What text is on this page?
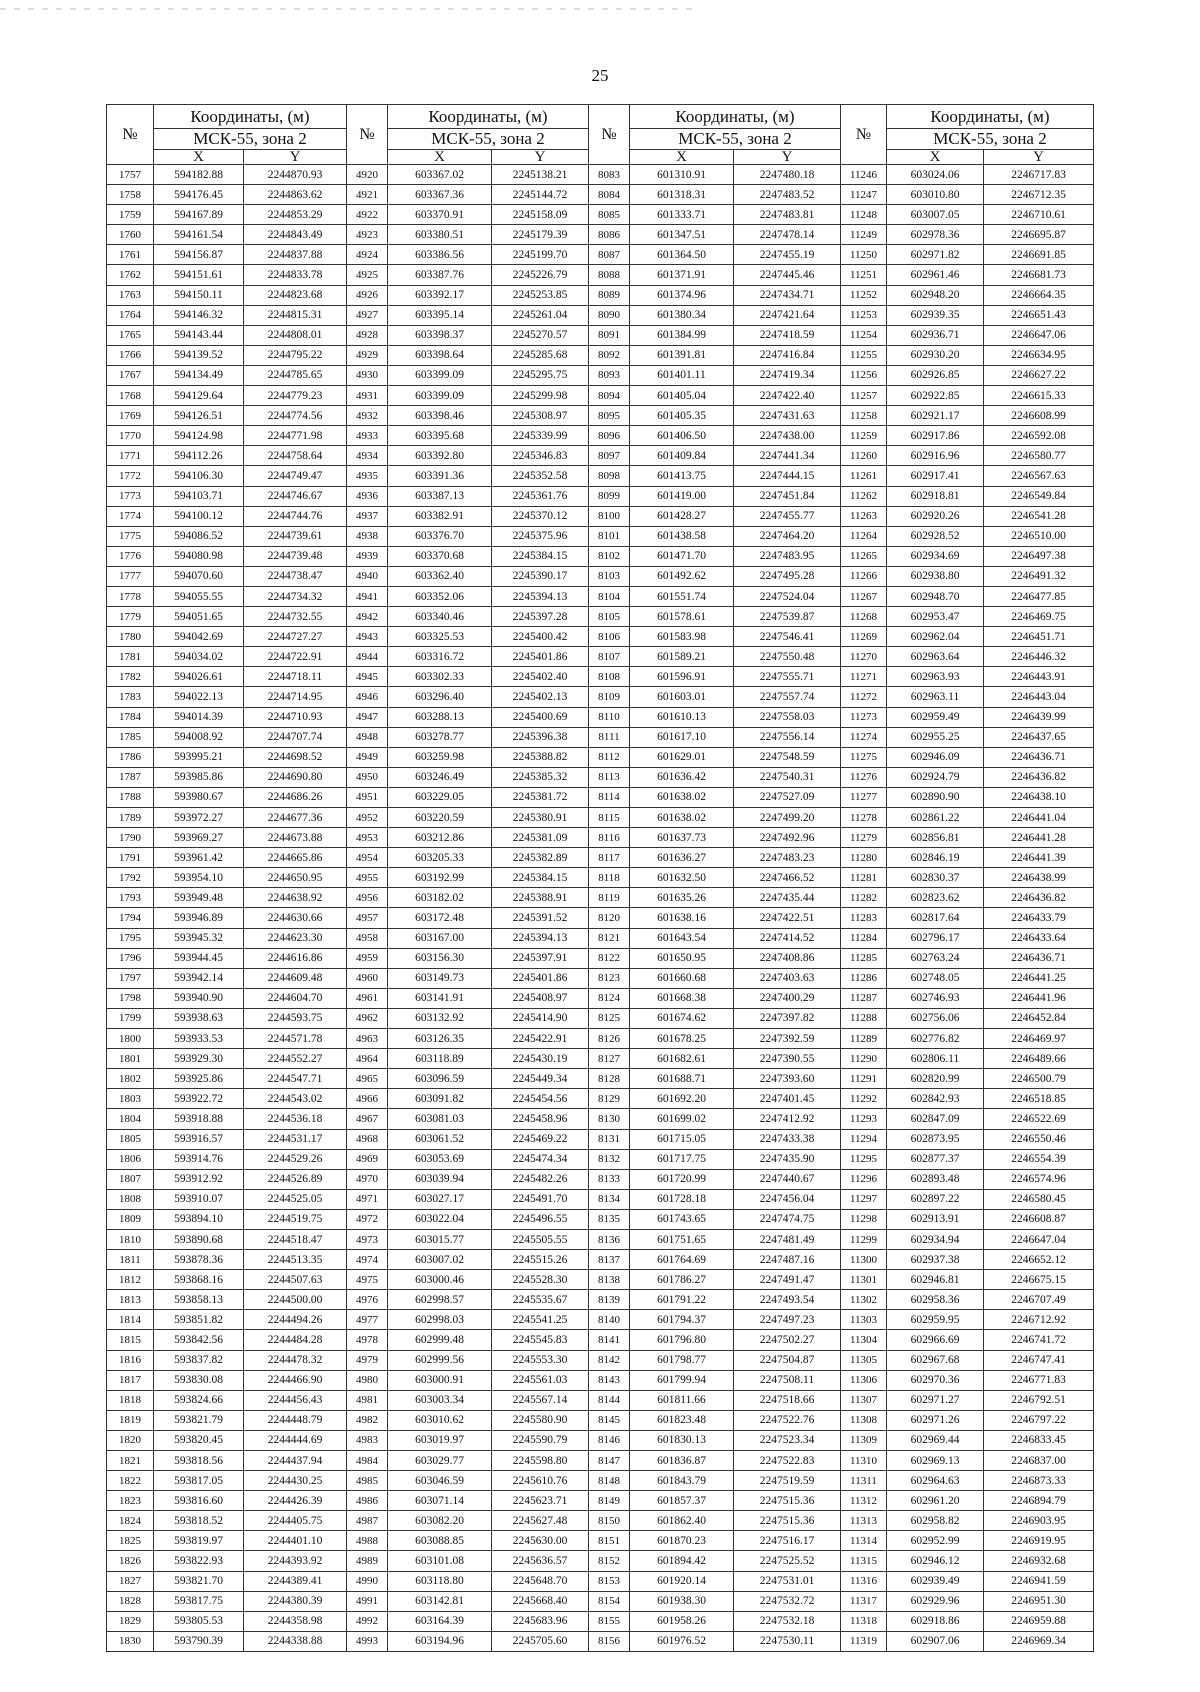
25
№	Координаты, (м)		№	Координаты, (м)		№	Координаты, (м)		№	Координаты, (м)	
	МСК-55, зона 2			МСК-55, зона 2			МСК-55, зона 2			МСК-55, зона 2	
	X	Y		X	Y		X	Y		X	Y
1757	594182.88	2244870.93	4920	603367.02	2245138.21	8083	601310.91	2247480.18	11246	603024.06	2246717.83
1758	594176.45	2244863.62	4921	603367.36	2245144.72	8084	601318.31	2247483.52	11247	603010.80	2246712.35
1759	594167.89	2244853.29	4922	603370.91	2245158.09	8085	601333.71	2247483.81	11248	603007.05	2246710.61
1760	594161.54	2244843.49	4923	603380.51	2245179.39	8086	601347.51	2247478.14	11249	602978.36	2246695.87
1761	594156.87	2244837.88	4924	603386.56	2245199.70	8087	601364.50	2247455.19	11250	602971.82	2246691.85
1762	594151.61	2244833.78	4925	603387.76	2245226.79	8088	601371.91	2247445.46	11251	602961.46	2246681.73
1763	594150.11	2244823.68	4926	603392.17	2245253.85	8089	601374.96	2247434.71	11252	602948.20	2246664.35
1764	594146.32	2244815.31	4927	603395.14	2245261.04	8090	601380.34	2247421.64	11253	602939.35	2246651.43
1765	594143.44	2244808.01	4928	603398.37	2245270.57	8091	601384.99	2247418.59	11254	602936.71	2246647.06
1766	594139.52	2244795.22	4929	603398.64	2245285.68	8092	601391.81	2247416.84	11255	602930.20	2246634.95
1767	594134.49	2244785.65	4930	603399.09	2245295.75	8093	601401.11	2247419.34	11256	602926.85	2246627.22
1768	594129.64	2244779.23	4931	603399.09	2245299.98	8094	601405.04	2247422.40	11257	602922.85	2246615.33
1769	594126.51	2244774.56	4932	603398.46	2245308.97	8095	601405.35	2247431.63	11258	602921.17	2246608.99
1770	594124.98	2244771.98	4933	603395.68	2245339.99	8096	601406.50	2247438.00	11259	602917.86	2246592.08
1771	594112.26	2244758.64	4934	603392.80	2245346.83	8097	601409.84	2247441.34	11260	602916.96	2246580.77
1772	594106.30	2244749.47	4935	603391.36	2245352.58	8098	601413.75	2247444.15	11261	602917.41	2246567.63
1773	594103.71	2244746.67	4936	603387.13	2245361.76	8099	601419.00	2247451.84	11262	602918.81	2246549.84
1774	594100.12	2244744.76	4937	603382.91	2245370.12	8100	601428.27	2247455.77	11263	602920.26	2246541.28
1775	594086.52	2244739.61	4938	603376.70	2245375.96	8101	601438.58	2247464.20	11264	602928.52	2246510.00
1776	594080.98	2244739.48	4939	603370.68	2245384.15	8102	601471.70	2247483.95	11265	602934.69	2246497.38
1777	594070.60	2244738.47	4940	603362.40	2245390.17	8103	601492.62	2247495.28	11266	602938.80	2246491.32
1778	594055.55	2244734.32	4941	603352.06	2245394.13	8104	601551.74	2247524.04	11267	602948.70	2246477.85
1779	594051.65	2244732.55	4942	603340.46	2245397.28	8105	601578.61	2247539.87	11268	602953.47	2246469.75
1780	594042.69	2244727.27	4943	603325.53	2245400.42	8106	601583.98	2247546.41	11269	602962.04	2246451.71
1781	594034.02	2244722.91	4944	603316.72	2245401.86	8107	601589.21	2247550.48	11270	602963.64	2246446.32
1782	594026.61	2244718.11	4945	603302.33	2245402.40	8108	601596.91	2247555.71	11271	602963.93	2246443.91
1783	594022.13	2244714.95	4946	603296.40	2245402.13	8109	601603.01	2247557.74	11272	602963.11	2246443.04
1784	594014.39	2244710.93	4947	603288.13	2245400.69	8110	601610.13	2247558.03	11273	602959.49	2246439.99
1785	594008.92	2244707.74	4948	603278.77	2245396.38	8111	601617.10	2247556.14	11274	602955.25	2246437.65
1786	593995.21	2244698.52	4949	603259.98	2245388.82	8112	601629.01	2247548.59	11275	602946.09	2246436.71
1787	593985.86	2244690.80	4950	603246.49	2245385.32	8113	601636.42	2247540.31	11276	602924.79	2246436.82
1788	593980.67	2244686.26	4951	603229.05	2245381.72	8114	601638.02	2247527.09	11277	602890.90	2246438.10
1789	593972.27	2244677.36	4952	603220.59	2245380.91	8115	601638.02	2247499.20	11278	602861.22	2246441.04
1790	593969.27	2244673.88	4953	603212.86	2245381.09	8116	601637.73	2247492.96	11279	602856.81	2246441.28
1791	593961.42	2244665.86	4954	603205.33	2245382.89	8117	601636.27	2247483.23	11280	602846.19	2246441.39
1792	593954.10	2244650.95	4955	603192.99	2245384.15	8118	601632.50	2247466.52	11281	602830.37	2246438.99
1793	593949.48	2244638.92	4956	603182.02	2245388.91	8119	601635.26	2247435.44	11282	602823.62	2246436.82
1794	593946.89	2244630.66	4957	603172.48	2245391.52	8120	601638.16	2247422.51	11283	602817.64	2246433.79
1795	593945.32	2244623.30	4958	603167.00	2245394.13	8121	601643.54	2247414.52	11284	602796.17	2246433.64
1796	593944.45	2244616.86	4959	603156.30	2245397.91	8122	601650.95	2247408.86	11285	602763.24	2246436.71
1797	593942.14	2244609.48	4960	603149.73	2245401.86	8123	601660.68	2247403.63	11286	602748.05	2246441.25
1798	593940.90	2244604.70	4961	603141.91	2245408.97	8124	601668.38	2247400.29	11287	602746.93	2246441.96
1799	593938.63	2244593.75	4962	603132.92	2245414.90	8125	601674.62	2247397.82	11288	602756.06	2246452.84
1800	593933.53	2244571.78	4963	603126.35	2245422.91	8126	601678.25	2247392.59	11289	602776.82	2246469.97
1801	593929.30	2244552.27	4964	603118.89	2245430.19	8127	601682.61	2247390.55	11290	602806.11	2246489.66
1802	593925.86	2244547.71	4965	603096.59	2245449.34	8128	601688.71	2247393.60	11291	602820.99	2246500.79
1803	593922.72	2244543.02	4966	603091.82	2245454.56	8129	601692.20	2247401.45	11292	602842.93	2246518.85
1804	593918.88	2244536.18	4967	603081.03	2245458.96	8130	601699.02	2247412.92	11293	602847.09	2246522.69
1805	593916.57	2244531.17	4968	603061.52	2245469.22	8131	601715.05	2247433.38	11294	602873.95	2246550.46
1806	593914.76	2244529.26	4969	603053.69	2245474.34	8132	601717.75	2247435.90	11295	602877.37	2246554.39
1807	593912.92	2244526.89	4970	603039.94	2245482.26	8133	601720.99	2247440.67	11296	602893.48	2246574.96
1808	593910.07	2244525.05	4971	603027.17	2245491.70	8134	601728.18	2247456.04	11297	602897.22	2246580.45
1809	593894.10	2244519.75	4972	603022.04	2245496.55	8135	601743.65	2247474.75	11298	602913.91	2246608.87
1810	593890.68	2244518.47	4973	603015.77	2245505.55	8136	601751.65	2247481.49	11299	602934.94	2246647.04
1811	593878.36	2244513.35	4974	603007.02	2245515.26	8137	601764.69	2247487.16	11300	602937.38	2246652.12
1812	593868.16	2244507.63	4975	603000.46	2245528.30	8138	601786.27	2247491.47	11301	602946.81	2246675.15
1813	593858.13	2244500.00	4976	602998.57	2245535.67	8139	601791.22	2247493.54	11302	602958.36	2246707.49
1814	593851.82	2244494.26	4977	602998.03	2245541.25	8140	601794.37	2247497.23	11303	602959.95	2246712.92
1815	593842.56	2244484.28	4978	602999.48	2245545.83	8141	601796.80	2247502.27	11304	602966.69	2246741.72
1816	593837.82	2244478.32	4979	602999.56	2245553.30	8142	601798.77	2247504.87	11305	602967.68	2246747.41
1817	593830.08	2244466.90	4980	603000.91	2245561.03	8143	601799.94	2247508.11	11306	602970.36	2246771.83
1818	593824.66	2244456.43	4981	603003.34	2245567.14	8144	601811.66	2247518.66	11307	602971.27	2246792.51
1819	593821.79	2244448.79	4982	603010.62	2245580.90	8145	601823.48	2247522.76	11308	602971.26	2246797.22
1820	593820.45	2244444.69	4983	603019.97	2245590.79	8146	601830.13	2247523.34	11309	602969.44	2246833.45
1821	593818.56	2244437.94	4984	603029.77	2245598.80	8147	601836.87	2247522.83	11310	602969.13	2246837.00
1822	593817.05	2244430.25	4985	603046.59	2245610.76	8148	601843.79	2247519.59	11311	602964.63	2246873.33
1823	593816.60	2244426.39	4986	603071.14	2245623.71	8149	601857.37	2247515.36	11312	602961.20	2246894.79
1824	593818.52	2244405.75	4987	603082.20	2245627.48	8150	601862.40	2247515.36	11313	602958.82	2246903.95
1825	593819.97	2244401.10	4988	603088.85	2245630.00	8151	601870.23	2247516.17	11314	602952.99	2246919.95
1826	593822.93	2244393.92	4989	603101.08	2245636.57	8152	601894.42	2247525.52	11315	602946.12	2246932.68
1827	593821.70	2244389.41	4990	603118.80	2245648.70	8153	601920.14	2247531.01	11316	602939.49	2246941.59
1828	593817.75	2244380.39	4991	603142.81	2245668.40	8154	601938.30	2247532.72	11317	602929.96	2246951.30
1829	593805.53	2244358.98	4992	603164.39	2245683.96	8155	601958.26	2247532.18	11318	602918.86	2246959.88
1830	593790.39	2244338.88	4993	603194.96	2245705.60	8156	601976.52	2247530.11	11319	602907.06	2246969.34
